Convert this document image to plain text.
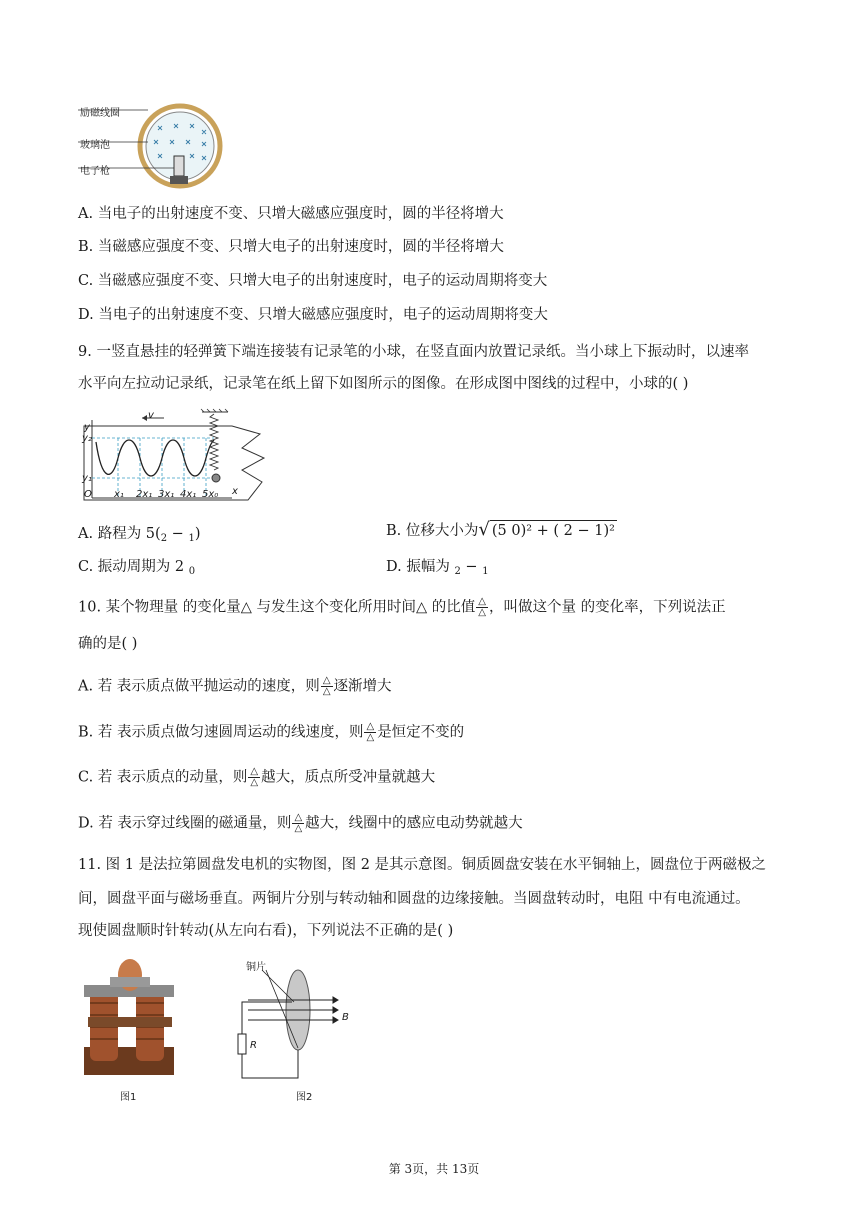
励磁线圈
玻璃泡
电子枪
A. 当电子的出射速度不变、只增大磁感应强度时，圆的半径将增大
B. 当磁感应强度不变、只增大电子的出射速度时，圆的半径将增大
C. 当磁感应强度不变、只增大电子的出射速度时，电子的运动周期将变大
D. 当电子的出射速度不变、只增大磁感应强度时，电子的运动周期将变大
9. 一竖直悬挂的轻弹簧下端连接装有记录笔的小球，在竖直面内放置记录纸。当小球上下振动时，以速率
水平向左拉动记录纸，记录笔在纸上留下如图所示的图像。在形成图中图线的过程中，小球的( )
v
y
y₂
y₁
O x₁ 2x₁ 3x₁ 4x₁ 5x₀ x
A. 路程为 $5(_2 - _1)$	B. 位移大小为√ (5 0)² + ( 2 − 1)²
C. 振动周期为 2 $_0$	D. 振幅为 $_2$ − $_1$
10. 某个物理量 的变化量△ 与发生这个变化所用时间△ 的比值 $\frac{\triangle}{\triangle}$ ，叫做这个量 的变化率，下列说法正
确的是( )
A. 若 表示质点做平抛运动的速度，则 $\frac{\triangle}{\triangle}$ 逐渐增大
B. 若 表示质点做匀速圆周运动的线速度，则 $\frac{\triangle}{\triangle}$ 是恒定不变的
C. 若 表示质点的动量，则 $\frac{\triangle}{\triangle}$ 越大，质点所受冲量就越大
D. 若 表示穿过线圈的磁通量，则 $\frac{\triangle}{\triangle}$ 越大，线圈中的感应电动势就越大
11. 图 1 是法拉第圆盘发电机的实物图，图 2 是其示意图。铜质圆盘安装在水平铜轴上，圆盘位于两磁极之
间，圆盘平面与磁场垂直。两铜片分别与转动轴和圆盘的边缘接触。当圆盘转动时，电阻 中有电流通过。
现使圆盘顺时针转动(从左向右看)，下列说法不正确的是( )
图1
铜片
B
R
图2
第 3页，共 13页
